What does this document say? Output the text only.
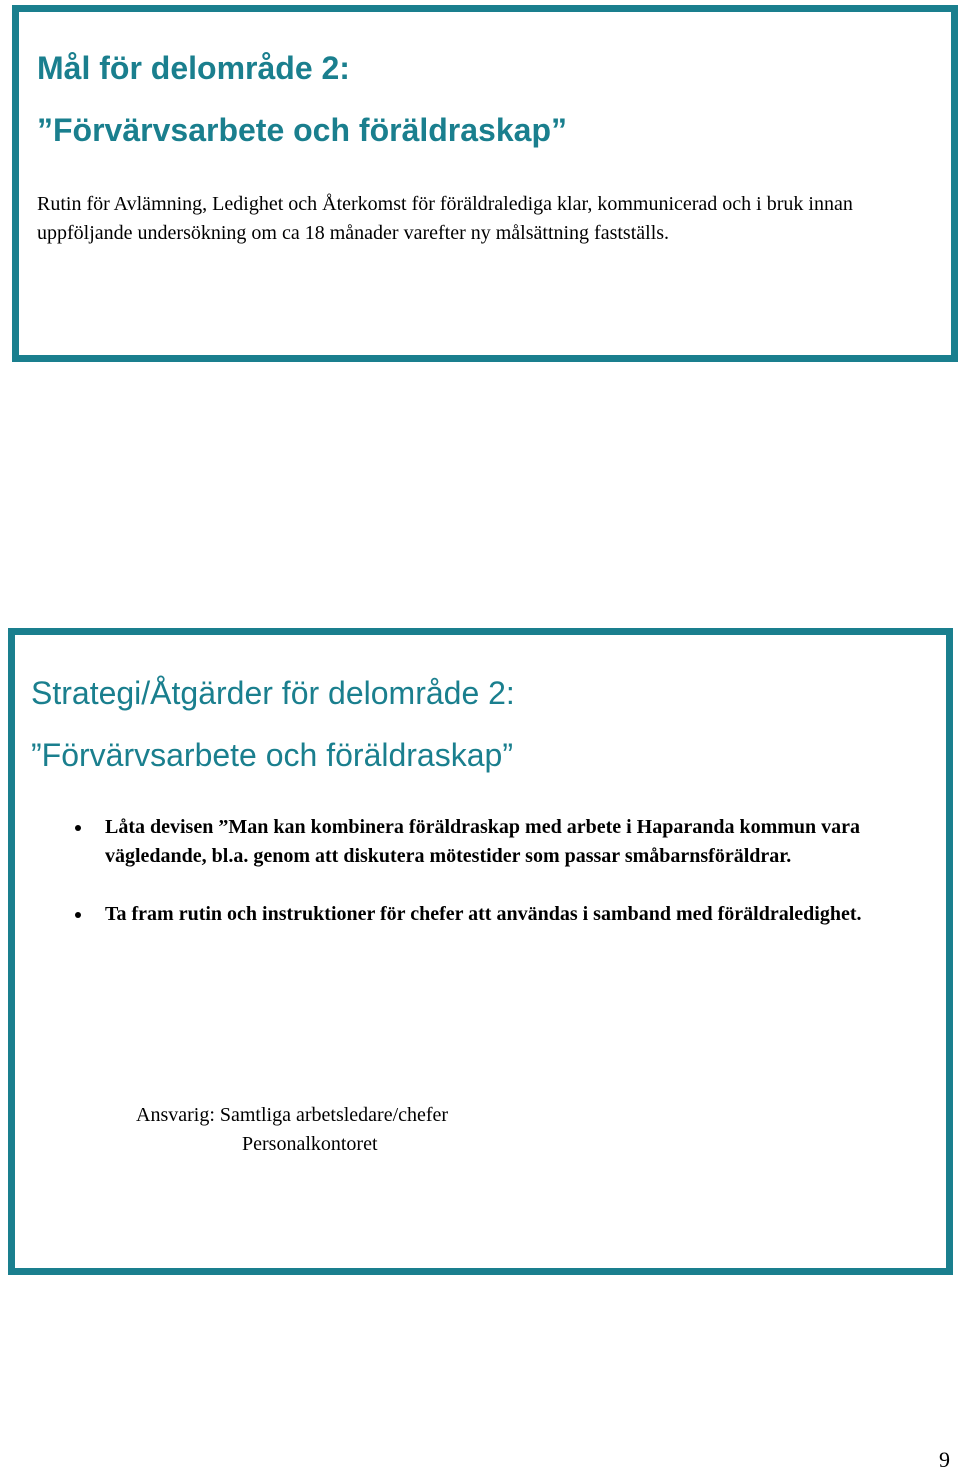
Mål för delområde 2:
”Förvärvsarbete och föräldraskap”

Rutin för Avlämning, Ledighet och Återkomst för föräldralediga klar, kommunicerad och i bruk innan uppföljande undersökning om ca 18 månader varefter ny målsättning fastställs.

Strategi/Åtgärder för delområde 2:
”Förvärvsarbete och föräldraskap”
Låta devisen ”Man kan kombinera föräldraskap med arbete i Haparanda kommun vara vägledande, bl.a. genom att diskutera mötestider som passar småbarnsföräldrar.
Ta fram rutin och instruktioner för chefer att användas i samband med föräldraledighet.
Ansvarig: Samtliga arbetsledare/chefer
Personalkontoret
9
